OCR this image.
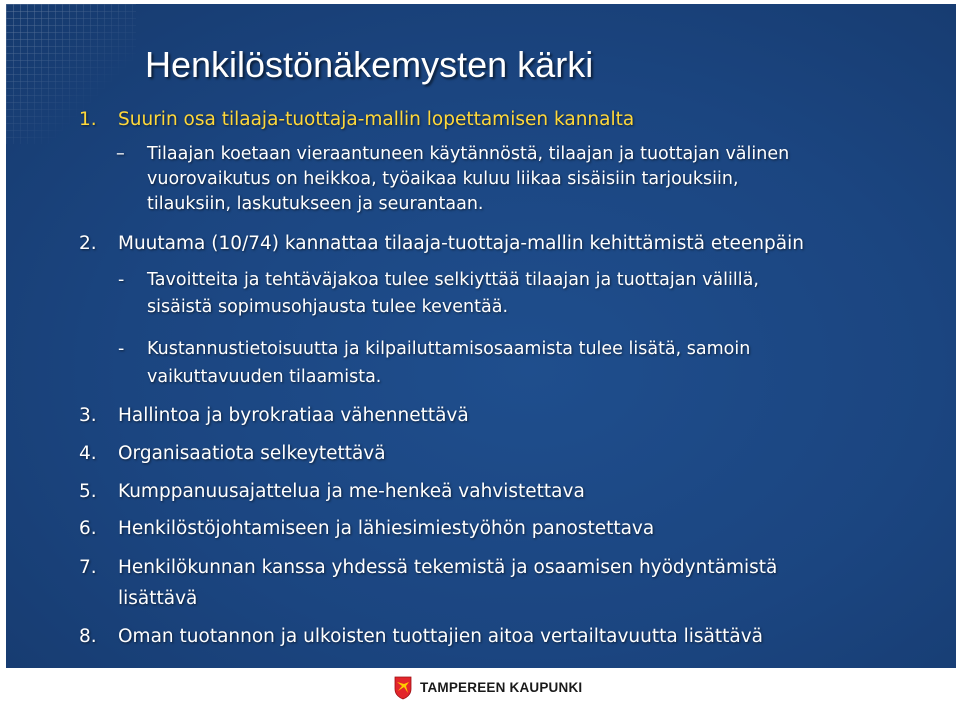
Henkilöstönäkemysten kärki
1. Suurin osa tilaaja-tuottaja-mallin lopettamisen kannalta
– Tilaajan koetaan vieraantuneen käytännöstä, tilaajan ja tuottajan välinen
vuorovaikutus on heikkoa, työaikaa kuluu liikaa sisäisiin tarjouksiin,
tilauksiin, laskutukseen ja seurantaan.
2. Muutama (10/74) kannattaa tilaaja-tuottaja-mallin kehittämistä eteenpäin
- Tavoitteita ja tehtäväjakoa tulee selkiyttää tilaajan ja tuottajan välillä,
sisäistä sopimusohjausta tulee keventää.
- Kustannustietoisuutta ja kilpailuttamisosaamista tulee lisätä, samoin
vaikuttavuuden tilaamista.
3. Hallintoa ja byrokratiaa vähennettävä
4. Organisaatiota selkeytettävä
5. Kumppanuusajattelua ja me-henkeä vahvistettava
6. Henkilöstöjohtamiseen ja lähiesimiestyöhön panostettava
7. Henkilökunnan kanssa yhdessä tekemistä ja osaamisen hyödyntämistä
lisättävä
8. Oman tuotannon ja ulkoisten tuottajien aitoa vertailtavuutta lisättävä
TAMPEREEN KAUPUNKI
